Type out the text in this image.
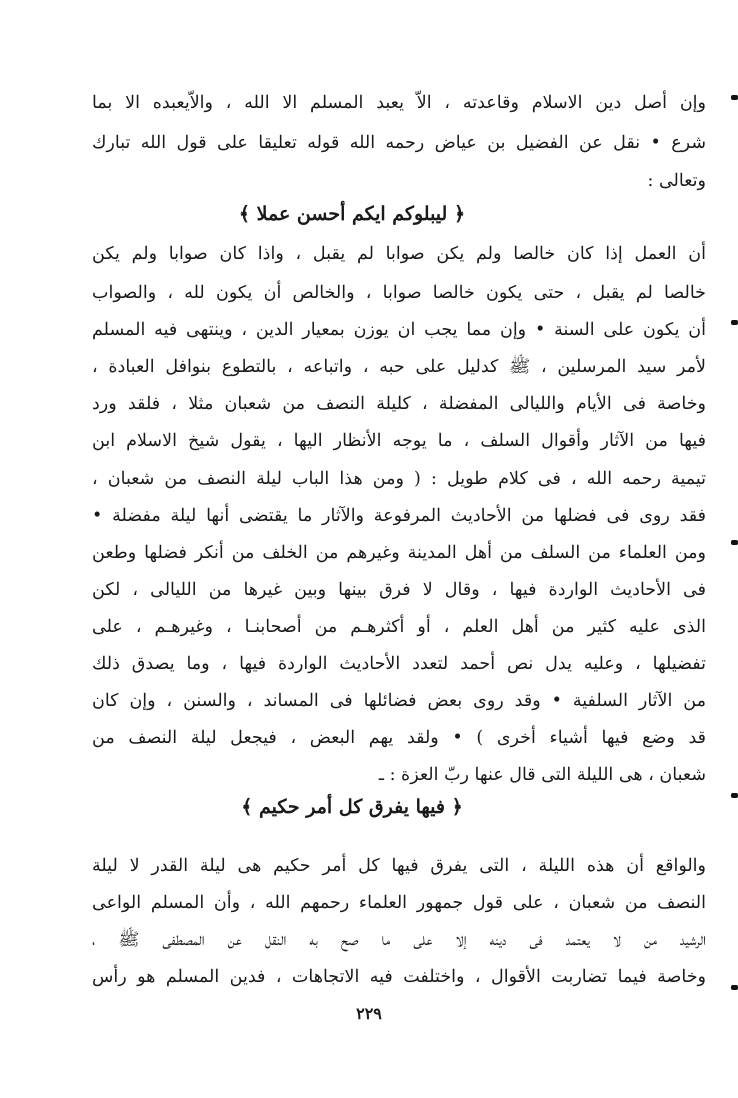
وإن أصل دين الاسلام وقاعدته ، الاّ يعبد المسلم الا الله ، والاّيعبده الا بما
شرع • نقل عن الفضيل بن عياض رحمه الله قوله تعليقا على قول الله تبارك
وتعالى :
﴿ ليبلوكم ايكم أحسن عملا ﴾
أن العمل إذا كان خالصا ولم يكن صوابا لم يقبل ، واذا كان صوابا ولم يكن
خالصا لم يقبل ، حتى يكون خالصا صوابا ، والخالص أن يكون لله ، والصواب
أن يكون على السنة • وإن مما يجب ان يوزن بمعيار الدين ، وينتهى فيه المسلم
لأمر سيد المرسلين ، ﷺ كدليل على حبه ، واتباعه ، بالتطوع بنوافل العبادة ،
وخاصة فى الأيام والليالى المفضلة ، كليلة النصف من شعبان مثلا ، فلقد ورد
فيها من الآثار وأقوال السلف ، ما يوجه الأنظار اليها ، يقول شيخ الاسلام ابن
تيمية رحمه الله ، فى كلام طويل : ( ومن هذا الباب ليلة النصف من شعبان ،
فقد روى فى فضلها من الأحاديث المرفوعة والآثار ما يقتضى أنها ليلة مفضلة •
ومن العلماء من السلف من أهل المدينة وغيرهم من الخلف من أنكر فضلها وطعن
فى الأحاديث الواردة فيها ، وقال لا فرق بينها وبين غيرها من الليالى ، لكن
الذى عليه كثير من أهل العلم ، أو أكثرهـم من أصحابنـا ، وغيرهـم ، على
تفضيلها ، وعليه يدل نص أحمد لتعدد الأحاديث الواردة فيها ، وما يصدق ذلك
من الآثار السلفية • وقد روى بعض فضائلها فى المساند ، والسنن ، وإن كان
قد وضع فيها أشياء أخرى ) • ولقد يهم البعض ، فيجعل ليلة النصف من
شعبان ، هى الليلة التى قال عنها ربّ العزة : ـ
﴿ فيها يفرق كل أمر حكيم ﴾
والواقع أن هذه الليلة ، التى يفرق فيها كل أمر حكيم هى ليلة القدر لا ليلة
النصف من شعبان ، على قول جمهور العلماء رحمهم الله ، وأن المسلم الواعى
الرشيد من لا يعتمد فى دينه إلا على ما صح به النقل عن المصطفى ﷺ ،
وخاصة فيما تضاربت الأقوال ، واختلفت فيه الاتجاهات ، فدين المسلم هو رأس
٢٢٩
